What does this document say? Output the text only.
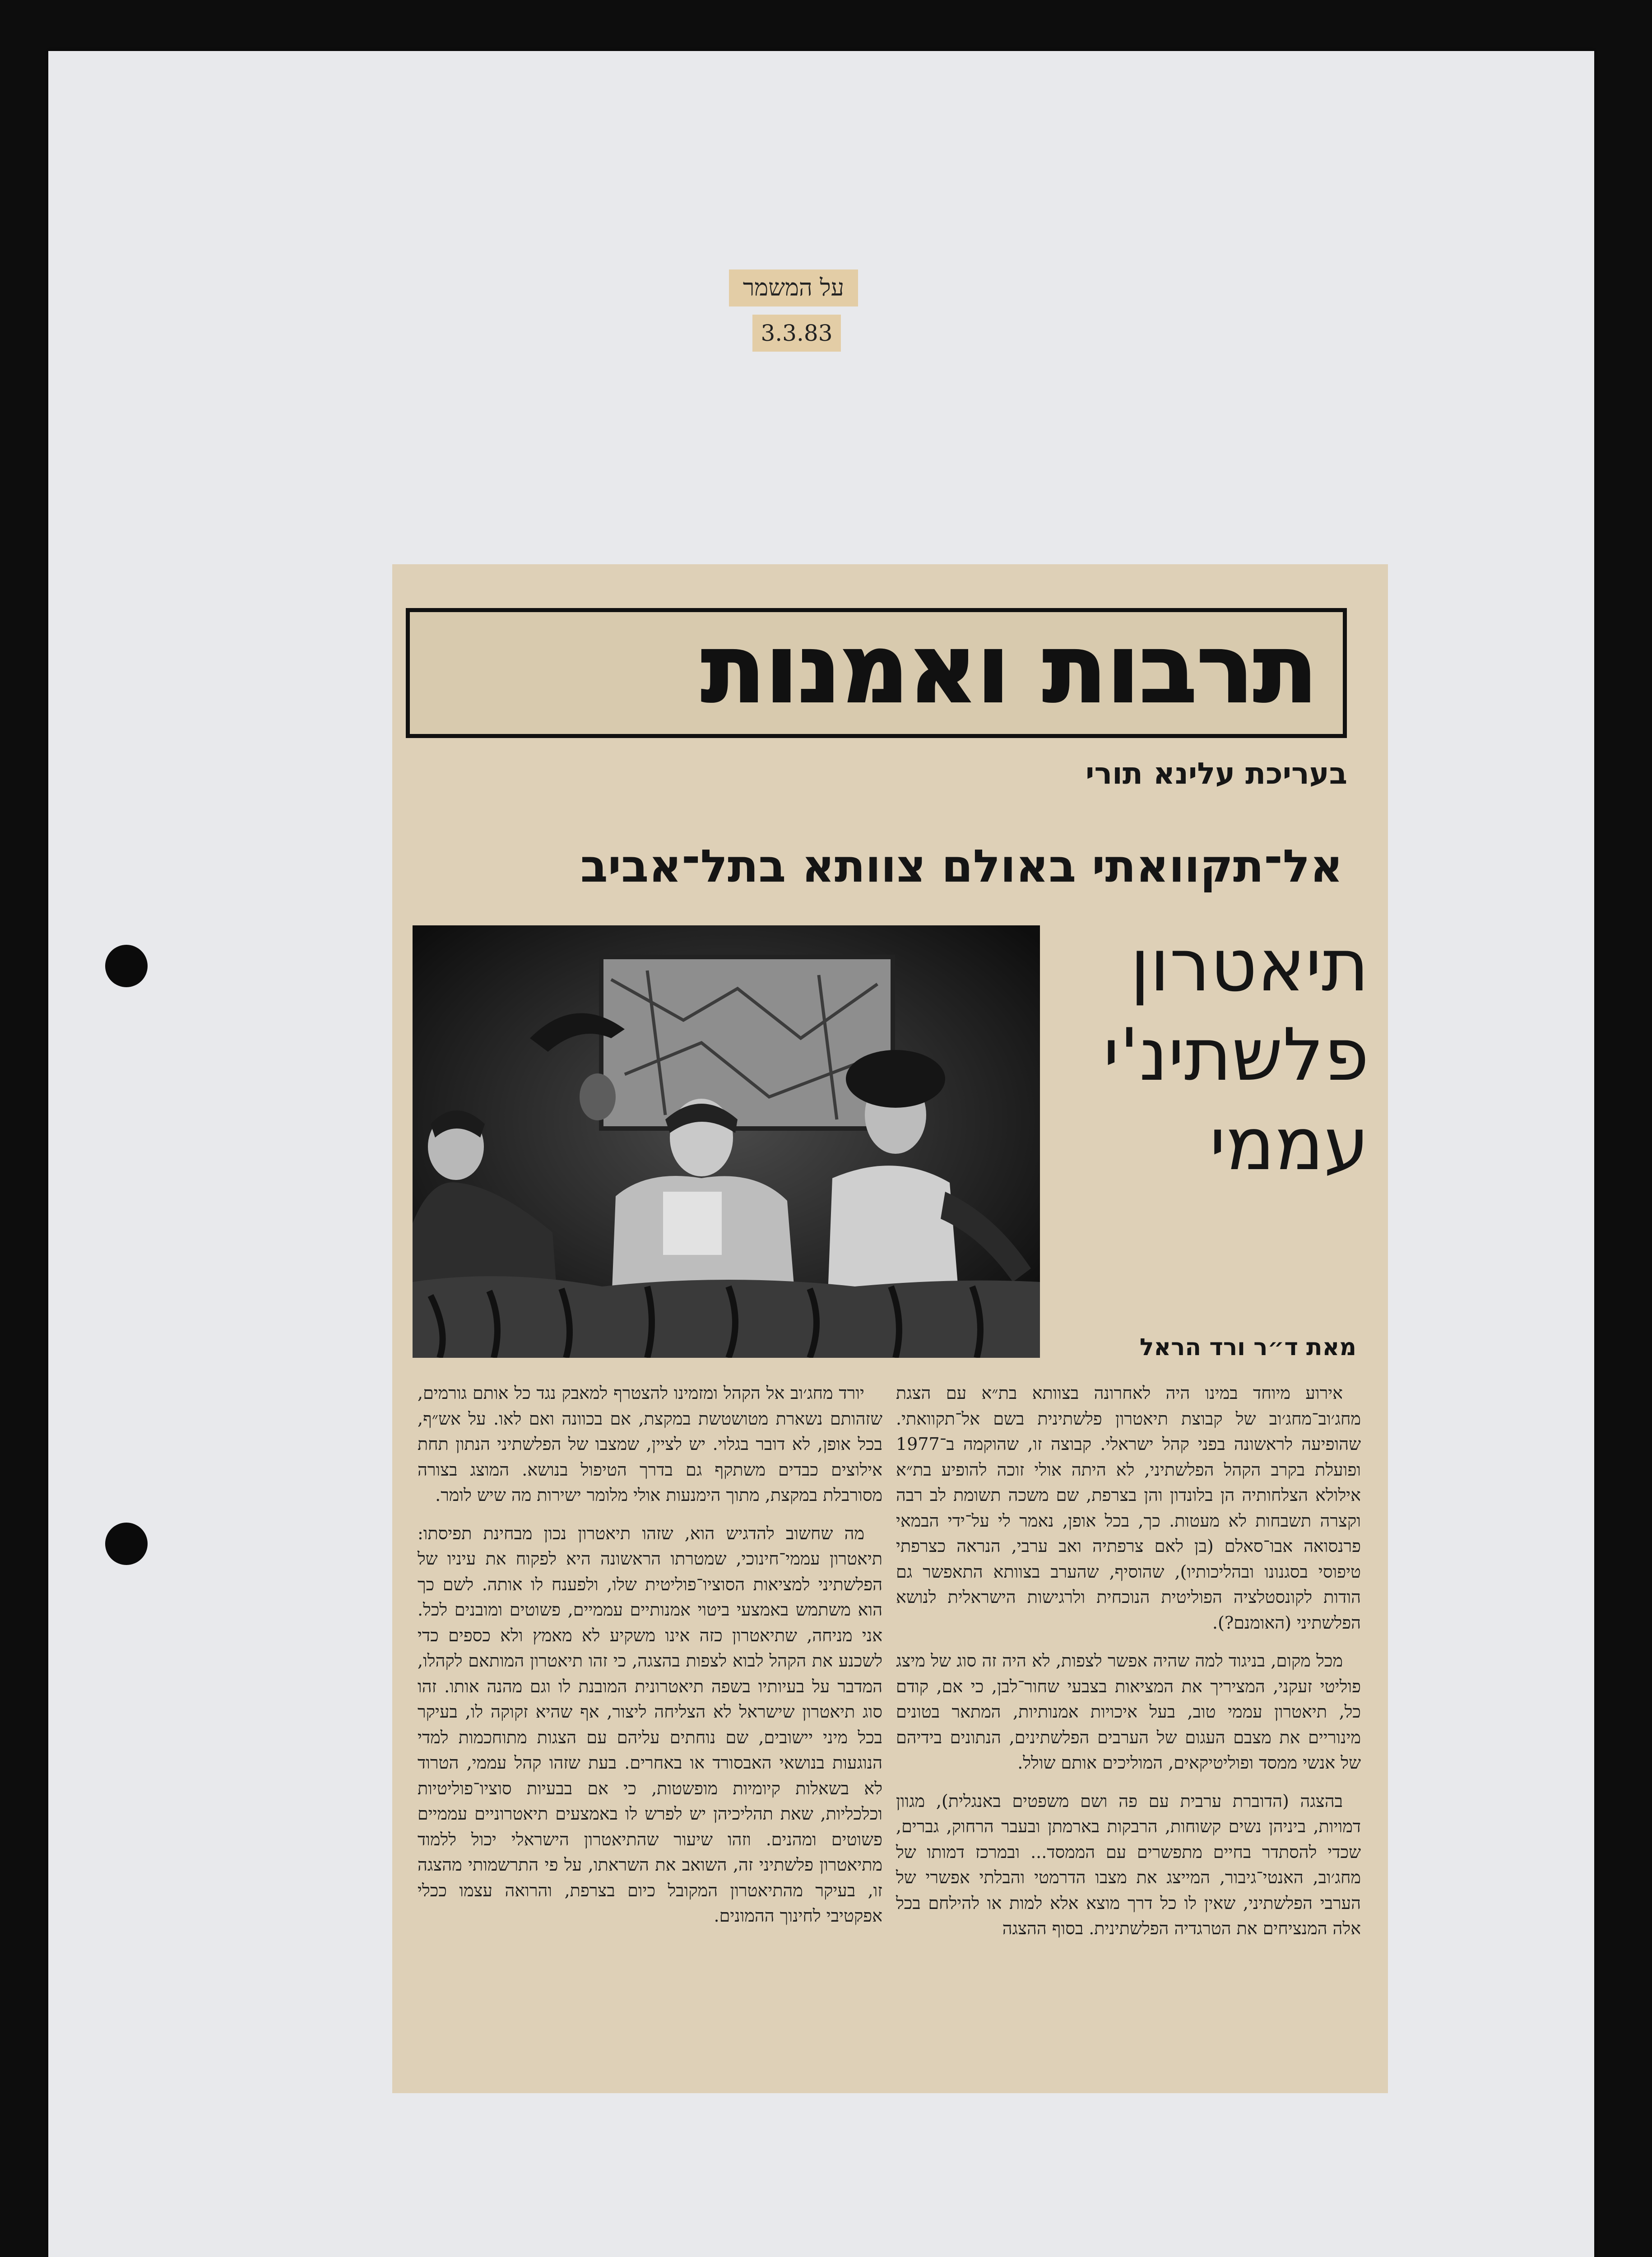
על המשמר
3.3.83
תרבות ואמנות
בעריכת עלינא תורי
אל־תקוואתי באולם צוותא בתל־אביב
תיאטרון
פלשתינ'י
עממי
מאת ד״ר ורד הראל

אירוע מיוחד במינו היה לאחרונה בצוותא בת״א עם הצגת מחג׳וב־מחג׳וב של קבוצת תיאטרון פלשתינית בשם אל־תקוואתי. שהופיעה לראשונה בפני קהל ישראלי. קבוצה זו, שהוקמה ב־1977 ופועלת בקרב הקהל הפלשתיני, לא היתה אולי זוכה להופיע בת״א אילולא הצלחותיה הן בלונדון והן בצרפת, שם משכה תשומת לב רבה וקצרה תשבחות לא מעטות. כך, בכל אופן, נאמר לי על־ידי הבמאי פרנסואה אבו־סאלם (בן לאם צרפתיה ואב ערבי, הנראה כצרפתי טיפוסי בסגנונו ובהליכותיו), שהוסיף, שהערב בצוותא התאפשר גם הודות לקונסטלציה הפוליטית הנוכחית ולרגישות הישראלית לנושא הפלשתיני (האומנם?).

מכל מקום, בניגוד למה שהיה אפשר לצפות, לא היה זה סוג של מיצג פוליטי זעקני, המציריך את המציאות בצבעי שחור־לבן, כי אם, קודם כל, תיאטרון עממי טוב, בעל איכויות אמנותיות, המתאר בטונים מינוריים את מצבם העגום של הערבים הפלשתינים, הנתונים בידיהם של אנשי ממסד ופוליטיקאים, המוליכים אותם שולל.

בהצגה (הדוברת ערבית עם פה ושם משפטים באנגלית), מגוון דמויות, ביניהן נשים קשוחות, הרבקות בארמתן ובעבר הרחוק, גברים, שכדי להסתדר בחיים מתפשרים עם הממסד... ובמרכז דמותו של מחג׳וב, האנטי־גיבור, המייצג את מצבו הדרמטי והבלתי אפשרי של הערבי הפלשתיני, שאין לו כל דרך מוצא אלא למות או להילחם בכל אלה המנציחים את הטרגדיה הפלשתינית. בסוף ההצגה

יורד מחג׳וב אל הקהל ומזמינו להצטרף למאבק נגד כל אותם גורמים, שזהותם נשארת מטושטשת במקצת, אם בכוונה ואם לאו. על אש״ף, בכל אופן, לא דובר בגלוי. יש לציין, שמצבו של הפלשתיני הנתון תחת אילוצים כבדים משתקף גם בדרך הטיפול בנושא. המוצג בצורה מסורבלת במקצת, מתוך הימנעות אולי מלומר ישירות מה שיש לומר.

מה שחשוב להדגיש הוא, שזהו תיאטרון נכון מבחינת תפיסתו: תיאטרון עממי־חינוכי, שמטרתו הראשונה היא לפקוח את עיניו של הפלשתיני למציאות הסוציו־פוליטית שלו, ולפענח לו אותה. לשם כך הוא משתמש באמצעי ביטוי אמנותיים עממיים, פשוטים ומובנים לכל. אני מניחה, שתיאטרון כזה אינו משקיע לא מאמץ ולא כספים כדי לשכנע את הקהל לבוא לצפות בהצגה, כי זהו תיאטרון המותאם לקהלו, המדבר על בעיותיו בשפה תיאטרונית המובנת לו וגם מהנה אותו. זהו סוג תיאטרון שישראל לא הצליחה ליצור, אף שהיא זקוקה לו, בעיקר בכל מיני יישובים, שם נוחתים עליהם עם הצגות מתוחכמות למדי הנוגעות בנושאי האבסורד או באחרים. בעת שזהו קהל עממי, הטרוד לא בשאלות קיומיות מופשטות, כי אם בבעיות סוציו־פוליטיות וכלכליות, שאת תהליכיהן יש לפרש לו באמצעים תיאטרוניים עממיים פשוטים ומהנים. וזהו שיעור שהתיאטרון הישראלי יכול ללמוד מתיאטרון פלשתיני זה, השואב את השראתו, על פי התרשמותי מהצגה זו, בעיקר מהתיאטרון המקובל כיום בצרפת, והרואה עצמו ככלי אפקטיבי לחינוך ההמונים.
